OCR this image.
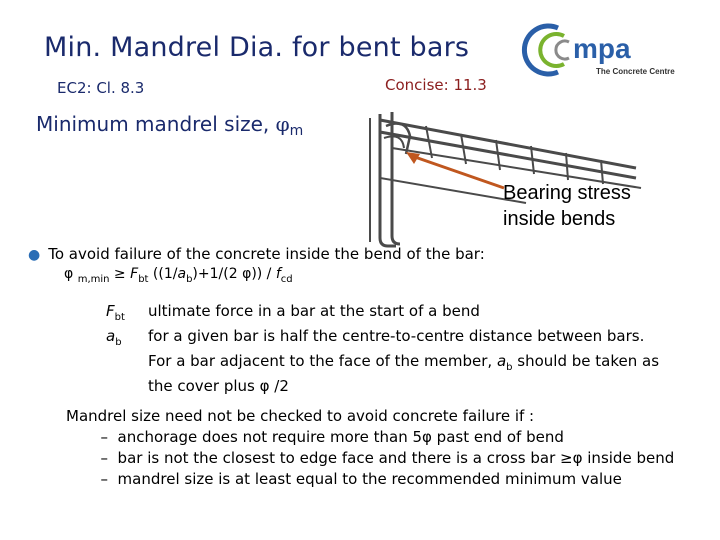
Min. Mandrel Dia. for bent bars
EC2: Cl. 8.3	Concise: 11.3
mpa
The Concrete Centre
Minimum mandrel size, $\varphi_m$
Bearing stress
inside bends
● To avoid failure of the concrete inside the bend of the bar:
φ $_{m,min} \ge F_{bt}$ ($(1/a_b)+1/(2$ $\varphi)) / f_{cd}$
$F_{bt}$	ultimate force in a bar at the start of a bend
$a_b$	for a given bar is half the centre-to-centre distance between bars.
For a bar adjacent to the face of the member, $a_b$ should be taken as
the cover plus φ /2
Mandrel size need not be checked to avoid concrete failure if :
–
anchorage does not require more than 5φ past end of bend
–
bar is not the closest to edge face and there is a cross bar ≥φ inside bend
–
mandrel size is at least equal to the recommended minimum value
